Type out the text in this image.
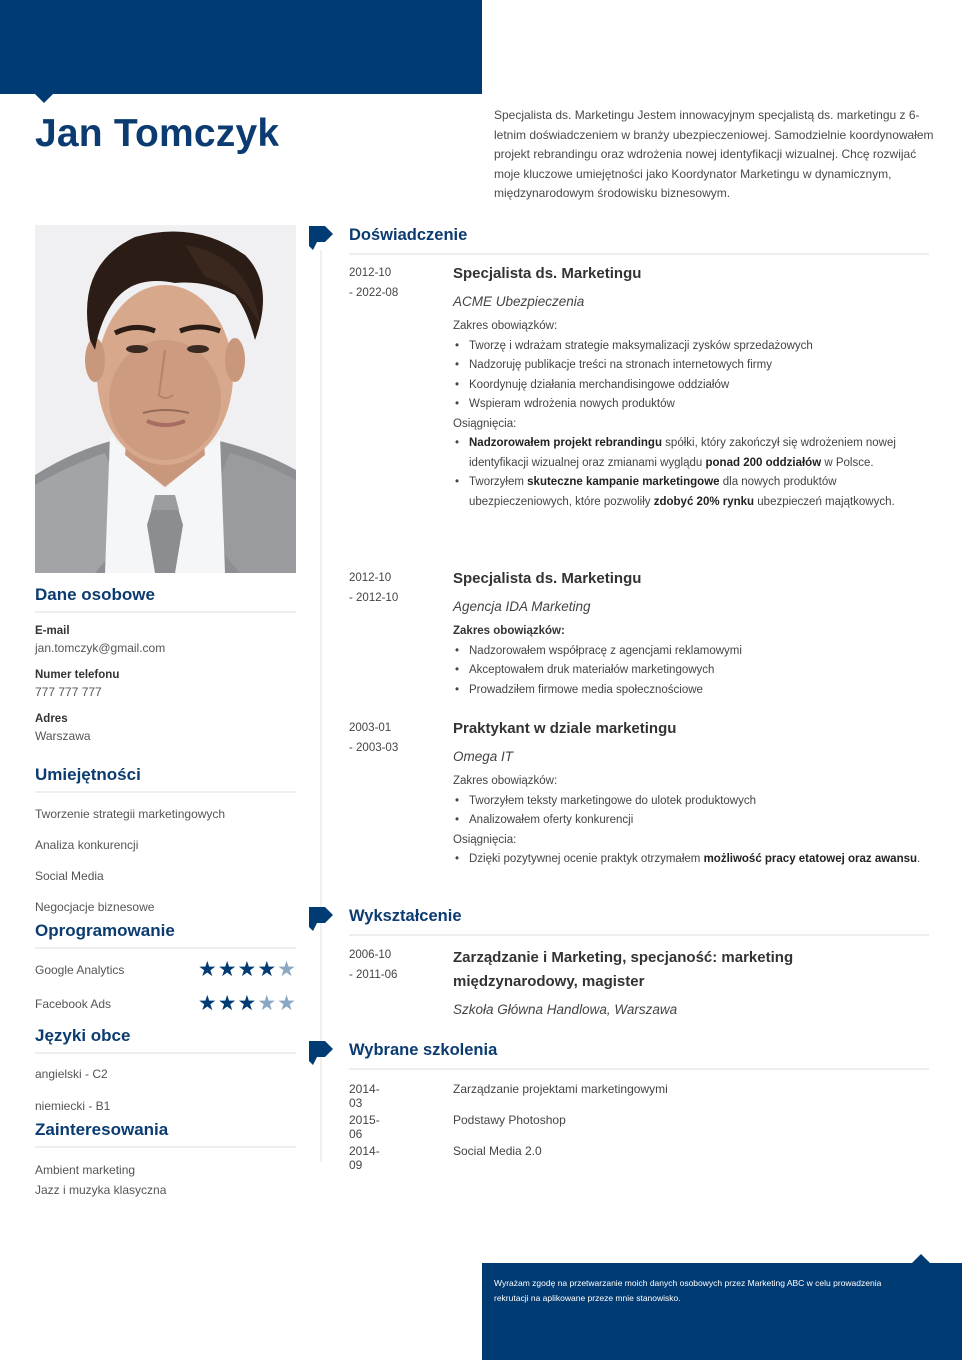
Jan Tomczyk	Specjalista ds. Marketingu Jestem innowacyjnym specjalistą ds. marketingu z 6-letnim doświadczeniem w branży ubezpieczeniowej. Samodzielnie koordynowałem projekt rebrandingu oraz wdrożenia nowej identyfikacji wizualnej. Chcę rozwijać moje kluczowe umiejętności jako Koordynator Marketingu w dynamicznym, międzynarodowym środowisku biznesowym.

Dane osobowe
E-mail
jan.tomczyk@gmail.com
Numer telefonu
777 777 777
Adres
Warszawa
Umiejętności
Tworzenie strategii marketingowych
Analiza konkurencji
Social Media
Negocjacje biznesowe
Oprogramowanie
Google Analytics	★ ★ ★ ★ ★
Facebook Ads	★ ★ ★ ★ ★
Języki obce
angielski - C2
niemiecki - B1
Zainteresowania
Ambient marketing
Jazz i muzyka klasyczna
Doświadczenie
2012-10
- 2022-08
Specjalista ds. Marketingu
ACME Ubezpieczenia
Zakres obowiązków:
• Tworzę i wdrażam strategie maksymalizacji zysków sprzedażowych
• Nadzoruję publikacje treści na stronach internetowych firmy
• Koordynuję działania merchandisingowe oddziałów
• Wspieram wdrożenia nowych produktów
Osiągnięcia:
• Nadzorowałem projekt rebrandingu spółki, który zakończył się wdrożeniem nowej identyfikacji wizualnej oraz zmianami wyglądu ponad 200 oddziałów w Polsce.
• Tworzyłem skuteczne kampanie marketingowe dla nowych produktów ubezpieczeniowych, które pozwoliły zdobyć 20% rynku ubezpieczeń majątkowych.
2012-10
- 2012-10
Specjalista ds. Marketingu
Agencja IDA Marketing
Zakres obowiązków:
• Nadzorowałem współpracę z agencjami reklamowymi
• Akceptowałem druk materiałów marketingowych
• Prowadziłem firmowe media społecznościowe
2003-01
- 2003-03
Praktykant w dziale marketingu
Omega IT
Zakres obowiązków:
• Tworzyłem teksty marketingowe do ulotek produktowych
• Analizowałem oferty konkurencji
Osiągnięcia:
• Dzięki pozytywnej ocenie praktyk otrzymałem możliwość pracy etatowej oraz awansu.
Wykształcenie
2006-10
- 2011-06
Zarządzanie i Marketing, specjaność: marketing międzynarodowy, magister
Szkoła Główna Handlowa, Warszawa
Wybrane szkolenia
2014-03
Zarządzanie projektami marketingowymi
2015-06
Podstawy Photoshop
2014-09
Social Media 2.0

Wyrażam zgodę na przetwarzanie moich danych osobowych przez Marketing ABC w celu prowadzenia rekrutacji na aplikowane przeze mnie stanowisko.
